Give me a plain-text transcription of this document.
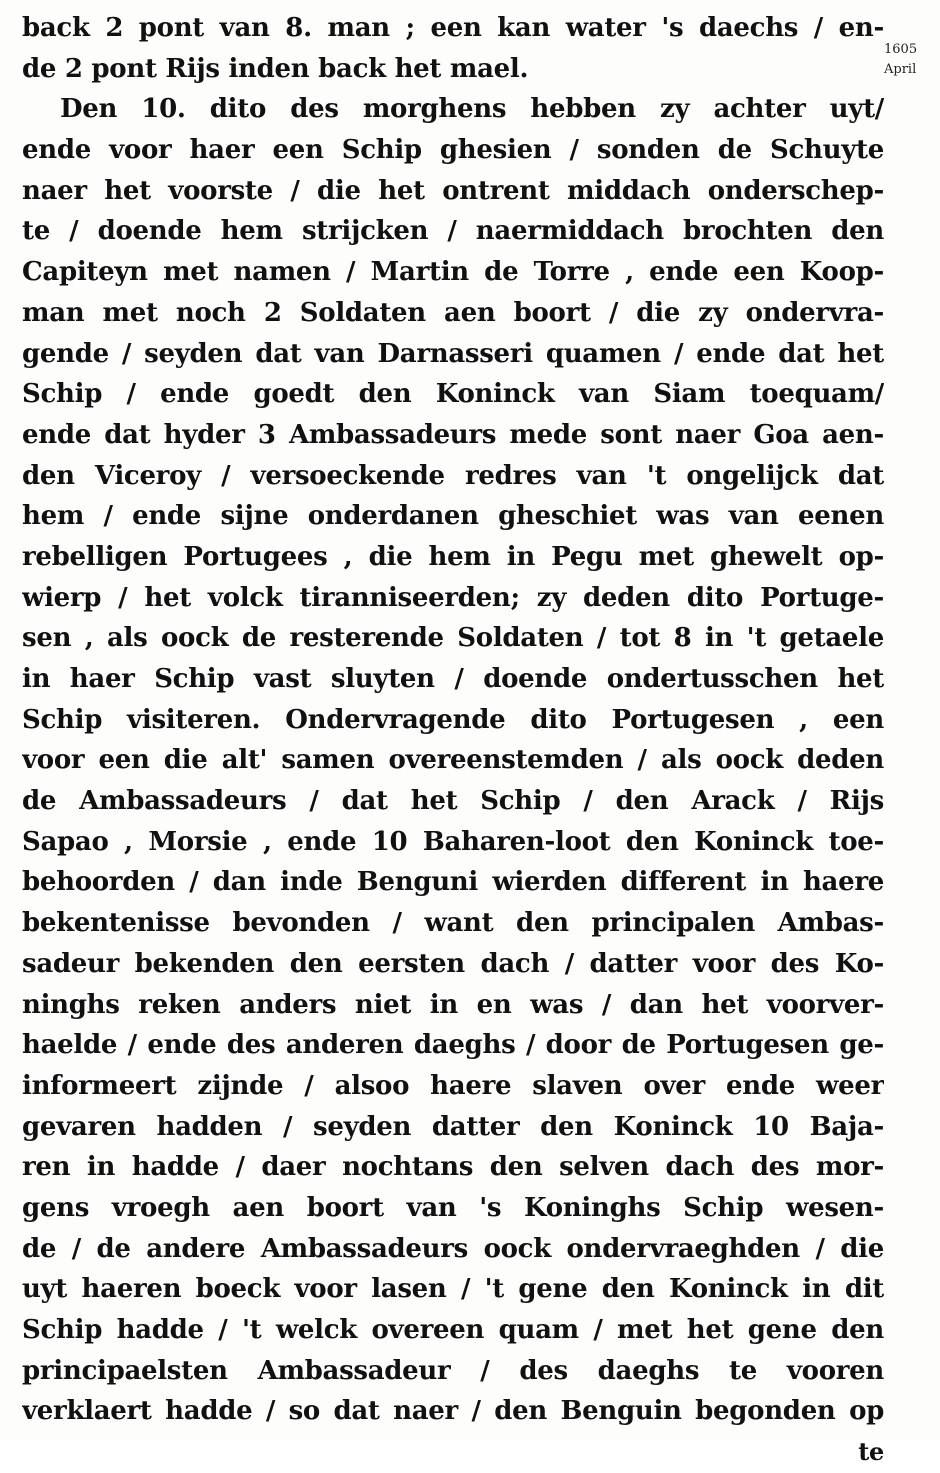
1605
April
back 2 pont van 8. man ; een kan water 's daechs / en-
de 2 pont Rijs inden back het mael.
Den 10. dito des morghens hebben zy achter uyt/
ende voor haer een Schip ghesien / sonden de Schuyte
naer het voorste / die het ontrent middach onderschep-
te / doende hem strijcken / naermiddach brochten den
Capiteyn met namen / Martin de Torre , ende een Koop-
man met noch 2 Soldaten aen boort / die zy ondervra-
gende / seyden dat van Darnasseri quamen / ende dat het
Schip / ende goedt den Koninck van Siam toequam/
ende dat hyder 3 Ambassadeurs mede sont naer Goa aen-
den Viceroy / versoeckende redres van 't ongelijck dat
hem / ende sijne onderdanen gheschiet was van eenen
rebelligen Portugees , die hem in Pegu met ghewelt op-
wierp / het volck tiranniseerden; zy deden dito Portuge-
sen , als oock de resterende Soldaten / tot 8 in 't getaele
in haer Schip vast sluyten / doende ondertusschen het
Schip visiteren. Ondervragende dito Portugesen , een
voor een die alt' samen overeenstemden / als oock deden
de Ambassadeurs / dat het Schip / den Arack / Rijs
Sapao , Morsie , ende 10 Baharen-loot den Koninck toe-
behoorden / dan inde Benguni wierden different in haere
bekentenisse bevonden / want den principalen Ambas-
sadeur bekenden den eersten dach / datter voor des Ko-
ninghs reken anders niet in en was / dan het voorver-
haelde / ende des anderen daeghs / door de Portugesen ge-
informeert zijnde / alsoo haere slaven over ende weer
gevaren hadden / seyden datter den Koninck 10 Baja-
ren in hadde / daer nochtans den selven dach des mor-
gens vroegh aen boort van 's Koninghs Schip wesen-
de / de andere Ambassadeurs oock ondervraeghden / die
uyt haeren boeck voor lasen / 't gene den Koninck in dit
Schip hadde / 't welck overeen quam / met het gene den
principaelsten Ambassadeur / des daeghs te vooren
verklaert hadde / so dat naer / den Benguin begonden op
te
